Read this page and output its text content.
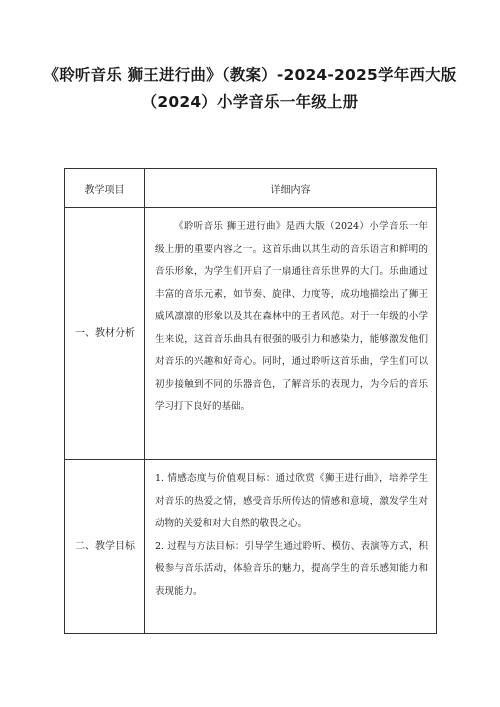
《聆听音乐 狮王进行曲》（教案）-2024-2025学年西大版（2024）小学音乐一年级上册
教学项目	详细内容
一、教材分析	《聆听音乐 狮王进行曲》是西大版（2024）小学音乐一年级上册的重要内容之一。这首乐曲以其生动的音乐语言和鲜明的音乐形象，为学生们开启了一扇通往音乐世界的大门。乐曲通过丰富的音乐元素，如节奏、旋律、力度等，成功地描绘出了狮王威风凛凛的形象以及其在森林中的王者风范。对于一年级的小学生来说，这首音乐曲具有很强的吸引力和感染力，能够激发他们对音乐的兴趣和好奇心。同时，通过聆听这首乐曲，学生们可以初步接触到不同的乐器音色，了解音乐的表现力，为今后的音乐学习打下良好的基础。

二、教学目标	1. 情感态度与价值观目标：通过欣赏《狮王进行曲》，培养学生对音乐的热爱之情，感受音乐所传达的情感和意境，激发学生对动物的关爱和对大自然的敬畏之心。

2. 过程与方法目标：引导学生通过聆听、模仿、表演等方式，积极参与音乐活动，体验音乐的魅力，提高学生的音乐感知能力和表现能力。
